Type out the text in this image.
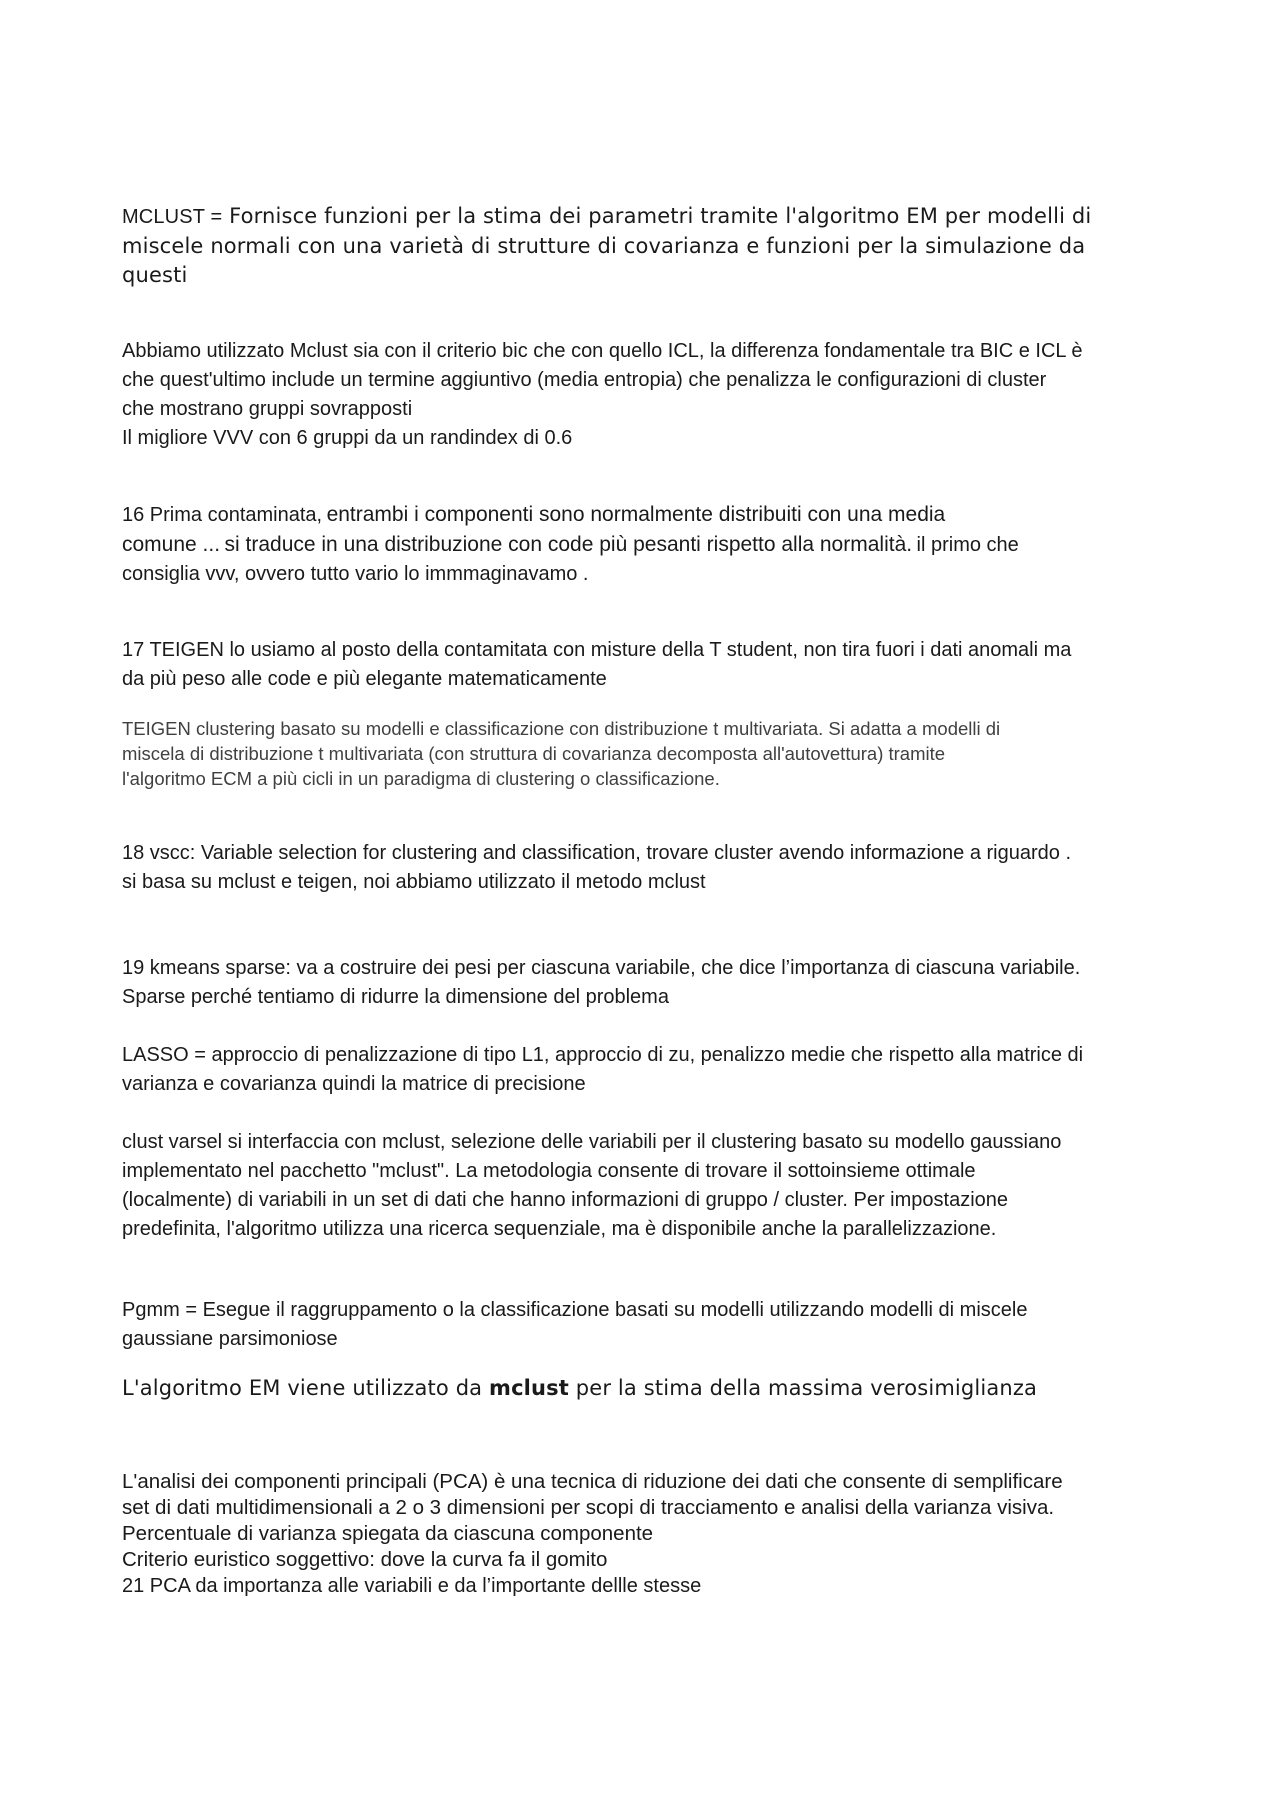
MCLUST = Fornisce funzioni per la stima dei parametri tramite l'algoritmo EM per modelli di
miscele normali con una varietà di strutture di covarianza e funzioni per la simulazione da
questi
Abbiamo utilizzato Mclust sia con il criterio bic che con quello ICL, la differenza fondamentale tra BIC e ICL è
che quest'ultimo include un termine aggiuntivo (media entropia) che penalizza le configurazioni di cluster
che mostrano gruppi sovrapposti
Il migliore VVV con 6 gruppi da un randindex di 0.6
16 Prima contaminata, entrambi i componenti sono normalmente distribuiti con una media
comune ... si traduce in una distribuzione con code più pesanti rispetto alla normalità. il primo che
consiglia vvv, ovvero tutto vario lo immmaginavamo .
17 TEIGEN lo usiamo al posto della contamitata con misture della T student, non tira fuori i dati anomali ma
da più peso alle code e più elegante matematicamente
TEIGEN clustering basato su modelli e classificazione con distribuzione t multivariata. Si adatta a modelli di
miscela di distribuzione t multivariata (con struttura di covarianza decomposta all'autovettura) tramite
l'algoritmo ECM a più cicli in un paradigma di clustering o classificazione.
18 vscc: Variable selection for clustering and classification, trovare cluster avendo informazione a riguardo .
si basa su mclust e teigen, noi abbiamo utilizzato il metodo mclust
19 kmeans sparse: va a costruire dei pesi per ciascuna variabile, che dice l’importanza di ciascuna variabile.
Sparse perché tentiamo di ridurre la dimensione del problema
LASSO = approccio di penalizzazione di tipo L1, approccio di zu, penalizzo medie che rispetto alla matrice di
varianza e covarianza quindi la matrice di precisione
clust varsel si interfaccia con mclust, selezione delle variabili per il clustering basato su modello gaussiano
implementato nel pacchetto "mclust". La metodologia consente di trovare il sottoinsieme ottimale
(localmente) di variabili in un set di dati che hanno informazioni di gruppo / cluster. Per impostazione
predefinita, l'algoritmo utilizza una ricerca sequenziale, ma è disponibile anche la parallelizzazione.
Pgmm = Esegue il raggruppamento o la classificazione basati su modelli utilizzando modelli di miscele
gaussiane parsimoniose
L'algoritmo EM viene utilizzato da mclust per la stima della massima verosimiglianza
L'analisi dei componenti principali (PCA) è una tecnica di riduzione dei dati che consente di semplificare
set di dati multidimensionali a 2 o 3 dimensioni per scopi di tracciamento e analisi della varianza visiva.
Percentuale di varianza spiegata da ciascuna componente
Criterio euristico soggettivo: dove la curva fa il gomito
21 PCA da importanza alle variabili e da l’importante dellle stesse
